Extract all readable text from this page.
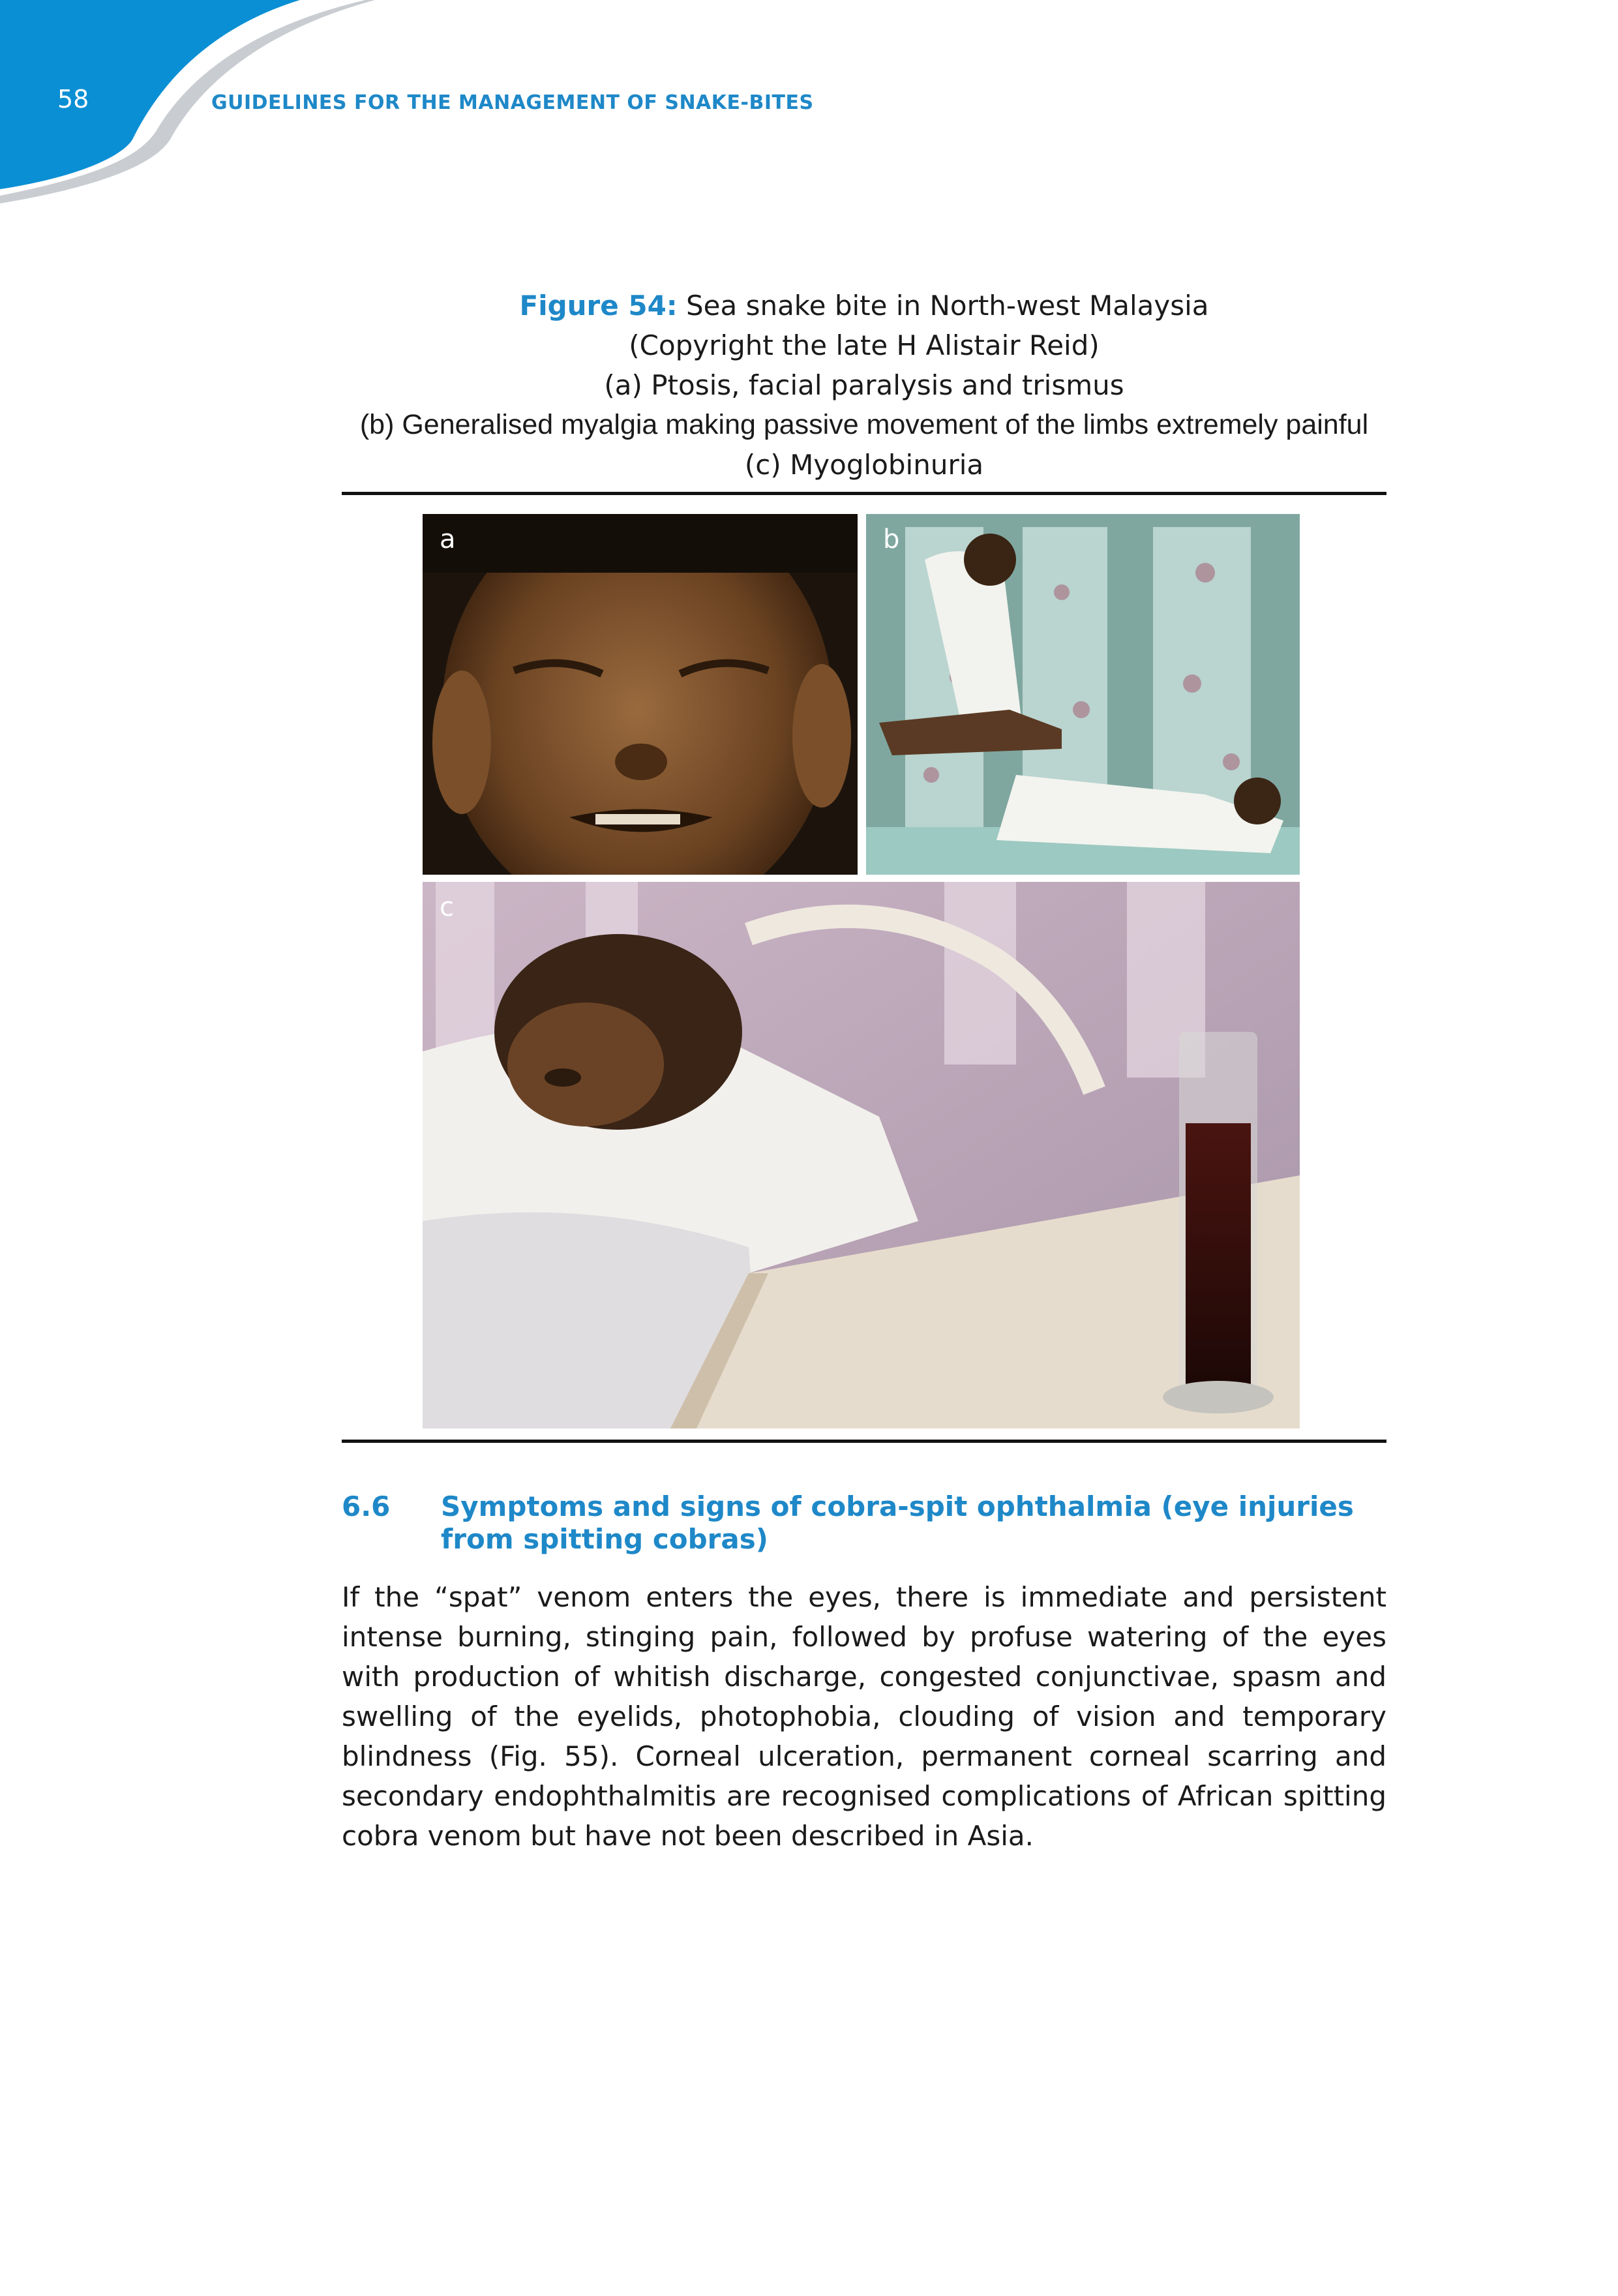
58	GUIDELINES FOR THE MANAGEMENT OF SNAKE-BITES
Figure 54: Sea snake bite in North-west Malaysia
(Copyright the late H Alistair Reid)
(a) Ptosis, facial paralysis and trismus
(b) Generalised myalgia making passive movement of the limbs extremely painful
(c) Myoglobinuria
a	b
c
6.6 Symptoms and signs of cobra-spit ophthalmia (eye injuries from spitting cobras)
If the “spat” venom enters the eyes, there is immediate and persistent intense burning, stinging pain, followed by profuse watering of the eyes with production of whitish discharge, congested conjunctivae, spasm and swelling of the eyelids, photophobia, clouding of vision and temporary blindness (Fig. 55). Corneal ulceration, permanent corneal scarring and secondary endophthalmitis are recognised complications of African spitting cobra venom but have not been described in Asia.
